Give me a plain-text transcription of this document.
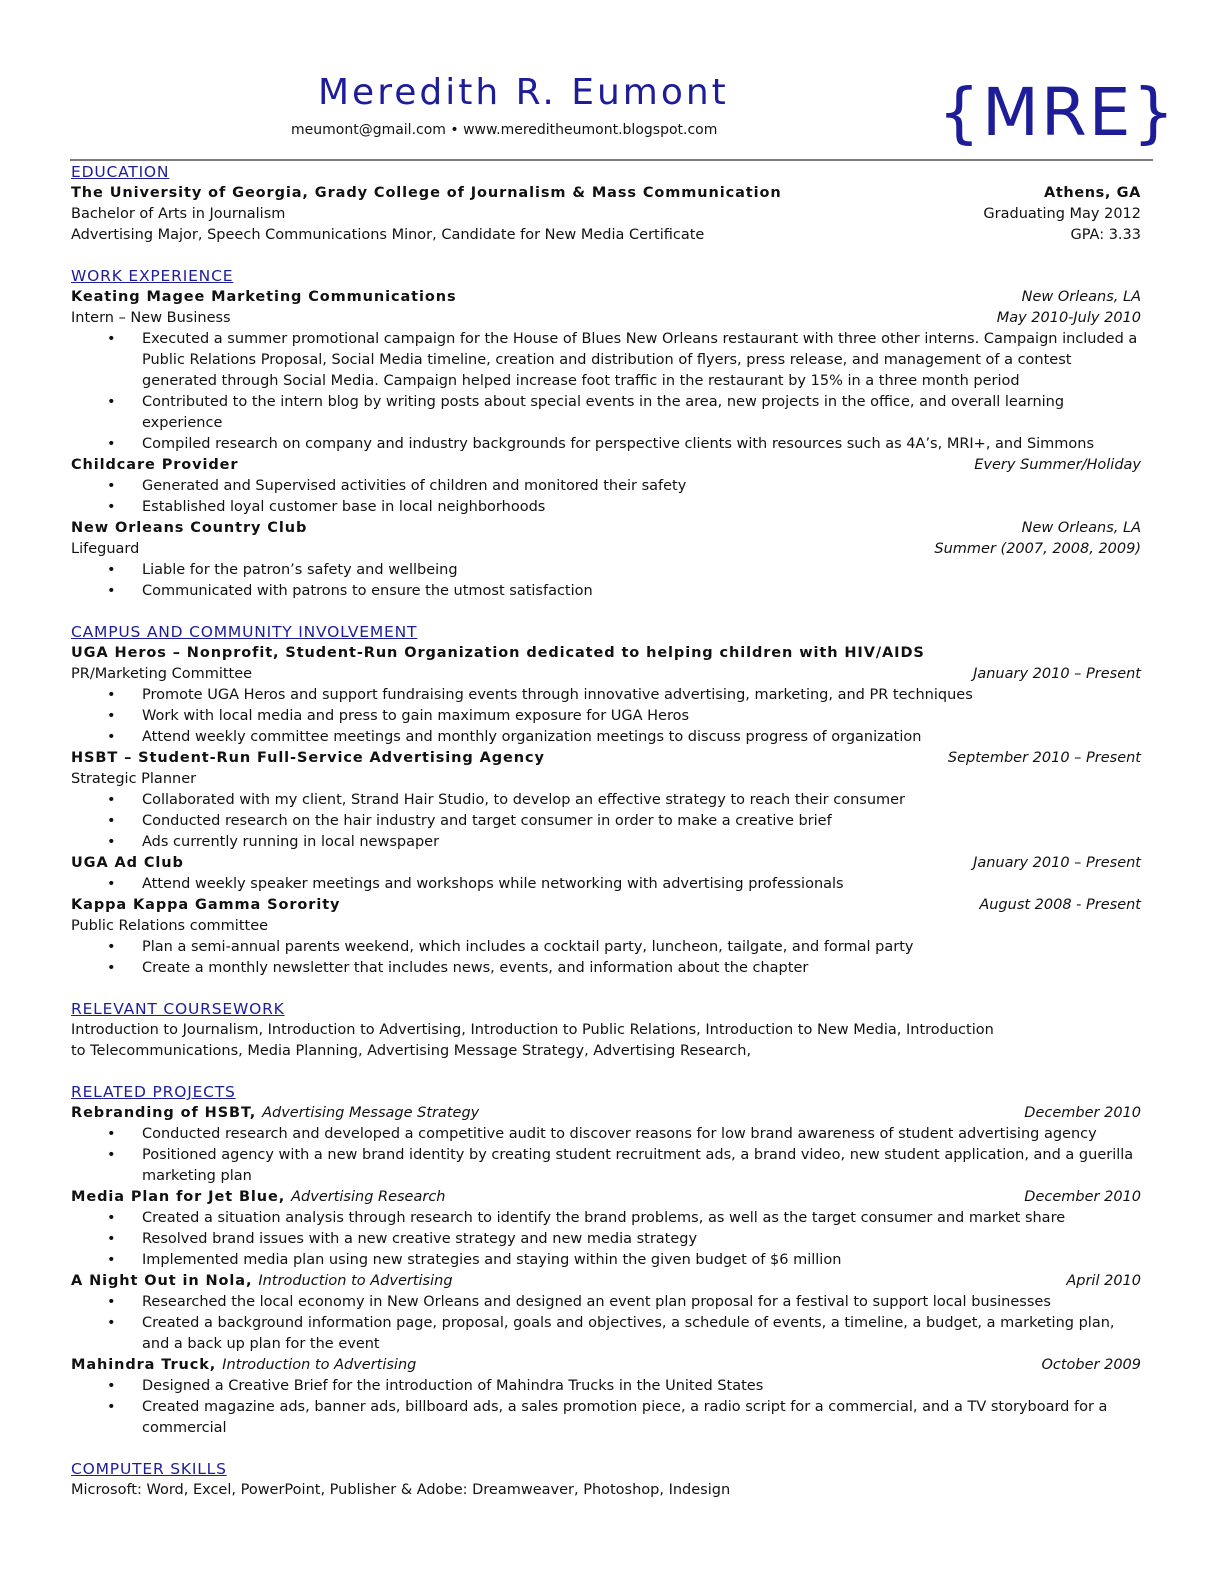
Meredith R. Eumont
meumont@gmail.com • www.mereditheumont.blogspot.com	{MRE}
EDUCATION
The University of Georgia, Grady College of Journalism & Mass Communication	Athens, GA
Bachelor of Arts in Journalism	Graduating May 2012
Advertising Major, Speech Communications Minor, Candidate for New Media Certificate	GPA: 3.33
WORK EXPERIENCE
Keating Magee Marketing Communications	New Orleans, LA
Intern – New Business	May 2010-July 2010
• Executed a summer promotional campaign for the House of Blues New Orleans restaurant with three other interns. Campaign included a Public Relations Proposal, Social Media timeline, creation and distribution of flyers, press release, and management of a contest generated through Social Media. Campaign helped increase foot traffic in the restaurant by 15% in a three month period
• Contributed to the intern blog by writing posts about special events in the area, new projects in the office, and overall learning experience
• Compiled research on company and industry backgrounds for perspective clients with resources such as 4A’s, MRI+, and Simmons
Childcare Provider	Every Summer/Holiday
• Generated and Supervised activities of children and monitored their safety
• Established loyal customer base in local neighborhoods
New Orleans Country Club	New Orleans, LA
Lifeguard	Summer (2007, 2008, 2009)
• Liable for the patron’s safety and wellbeing
• Communicated with patrons to ensure the utmost satisfaction
CAMPUS AND COMMUNITY INVOLVEMENT
UGA Heros – Nonprofit, Student-Run Organization dedicated to helping children with HIV/AIDS
PR/Marketing Committee	January 2010 – Present
• Promote UGA Heros and support fundraising events through innovative advertising, marketing, and PR techniques
• Work with local media and press to gain maximum exposure for UGA Heros
• Attend weekly committee meetings and monthly organization meetings to discuss progress of organization
HSBT – Student-Run Full-Service Advertising Agency	September 2010 – Present
Strategic Planner
• Collaborated with my client, Strand Hair Studio, to develop an effective strategy to reach their consumer
• Conducted research on the hair industry and target consumer in order to make a creative brief
• Ads currently running in local newspaper
UGA Ad Club	January 2010 – Present
• Attend weekly speaker meetings and workshops while networking with advertising professionals
Kappa Kappa Gamma Sorority	August 2008 - Present
Public Relations committee
• Plan a semi-annual parents weekend, which includes a cocktail party, luncheon, tailgate, and formal party
• Create a monthly newsletter that includes news, events, and information about the chapter
RELEVANT COURSEWORK

Introduction to Journalism, Introduction to Advertising, Introduction to Public Relations, Introduction to New Media, Introduction to Telecommunications, Media Planning, Advertising Message Strategy, Advertising Research,

RELATED PROJECTS
Rebranding of HSBT, Advertising Message Strategy	December 2010
• Conducted research and developed a competitive audit to discover reasons for low brand awareness of student advertising agency
• Positioned agency with a new brand identity by creating student recruitment ads, a brand video, new student application, and a guerilla marketing plan
Media Plan for Jet Blue, Advertising Research	December 2010
• Created a situation analysis through research to identify the brand problems, as well as the target consumer and market share
• Resolved brand issues with a new creative strategy and new media strategy
• Implemented media plan using new strategies and staying within the given budget of $6 million
A Night Out in Nola, Introduction to Advertising	April 2010
• Researched the local economy in New Orleans and designed an event plan proposal for a festival to support local businesses
• Created a background information page, proposal, goals and objectives, a schedule of events, a timeline, a budget, a marketing plan, and a back up plan for the event
Mahindra Truck, Introduction to Advertising	October 2009
• Designed a Creative Brief for the introduction of Mahindra Trucks in the United States
• Created magazine ads, banner ads, billboard ads, a sales promotion piece, a radio script for a commercial, and a TV storyboard for a commercial
COMPUTER SKILLS

Microsoft: Word, Excel, PowerPoint, Publisher & Adobe: Dreamweaver, Photoshop, Indesign
